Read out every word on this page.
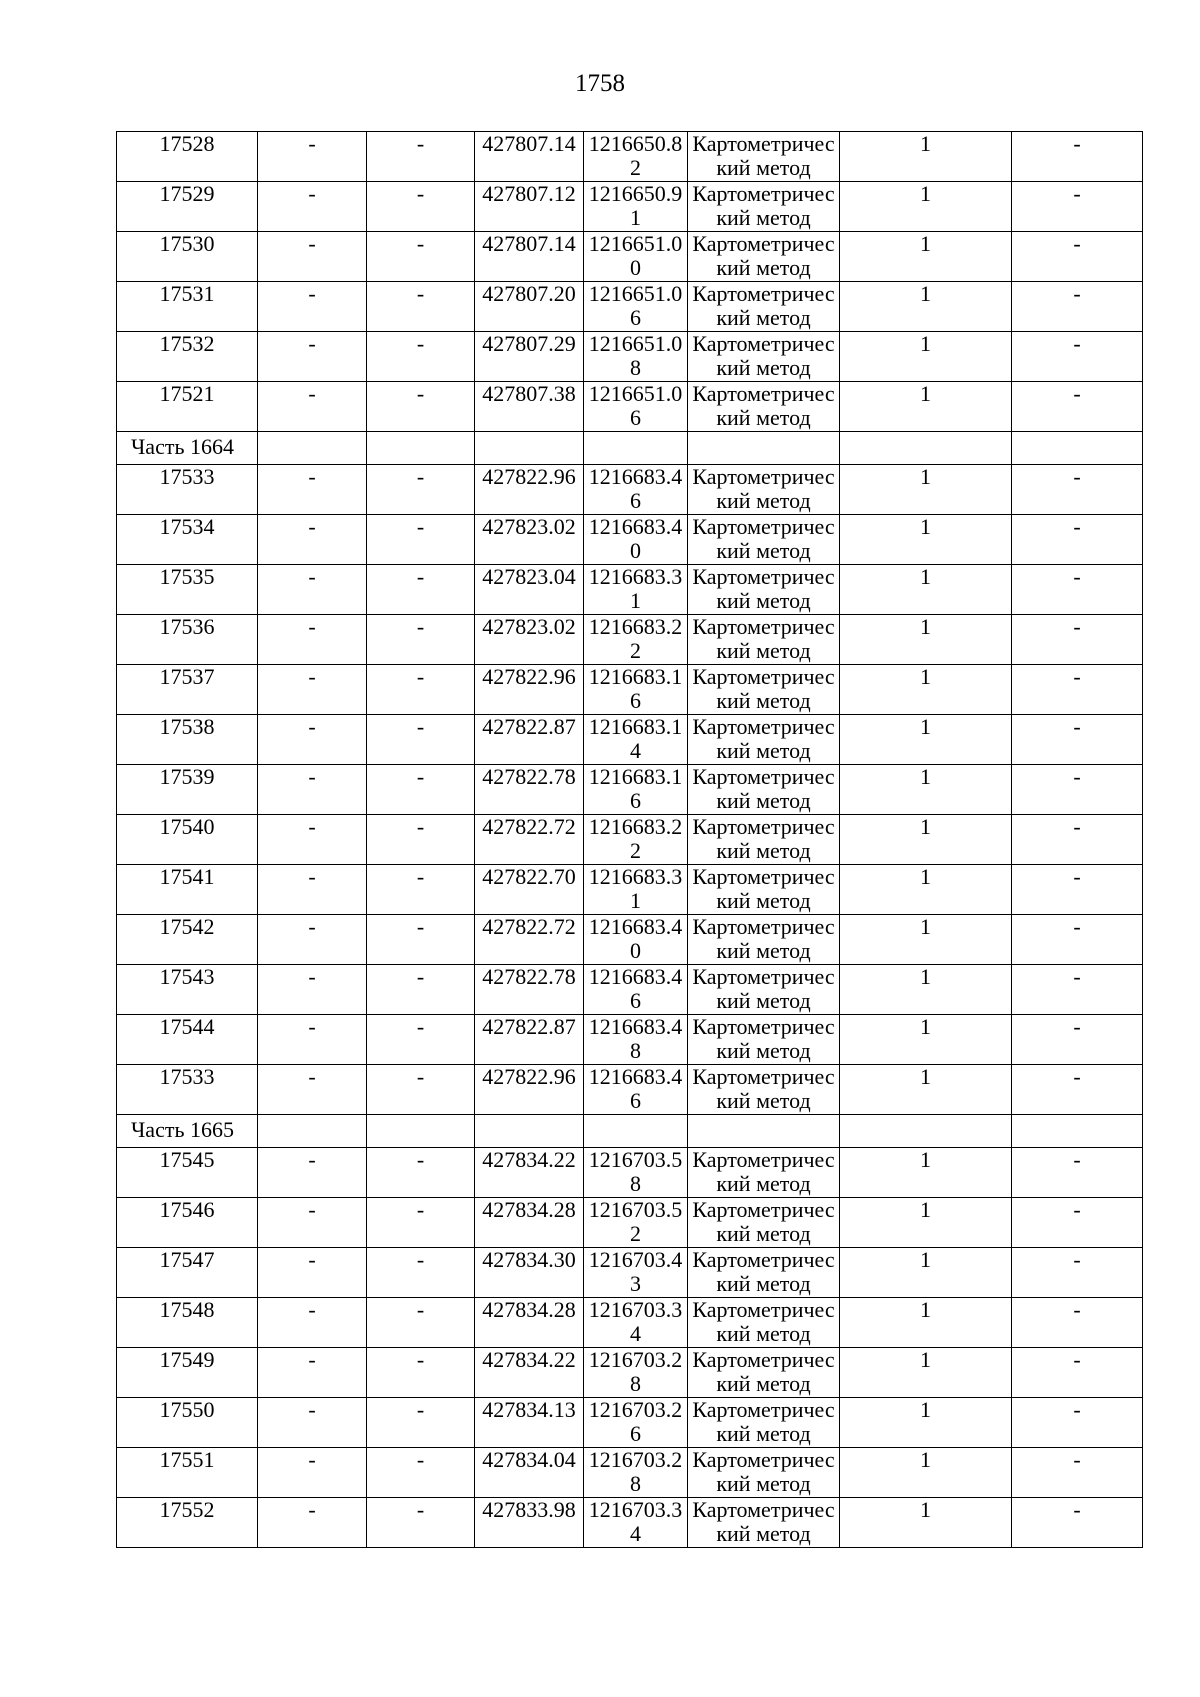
1758
17528	-	-	427807.14	1216650.82	Картометрический метод	1	-
17529	-	-	427807.12	1216650.91	Картометрический метод	1	-
17530	-	-	427807.14	1216651.00	Картометрический метод	1	-
17531	-	-	427807.20	1216651.06	Картометрический метод	1	-
17532	-	-	427807.29	1216651.08	Картометрический метод	1	-
17521	-	-	427807.38	1216651.06	Картометрический метод	1	-
Часть 1664							
17533	-	-	427822.96	1216683.46	Картометрический метод	1	-
17534	-	-	427823.02	1216683.40	Картометрический метод	1	-
17535	-	-	427823.04	1216683.31	Картометрический метод	1	-
17536	-	-	427823.02	1216683.22	Картометрический метод	1	-
17537	-	-	427822.96	1216683.16	Картометрический метод	1	-
17538	-	-	427822.87	1216683.14	Картометрический метод	1	-
17539	-	-	427822.78	1216683.16	Картометрический метод	1	-
17540	-	-	427822.72	1216683.22	Картометрический метод	1	-
17541	-	-	427822.70	1216683.31	Картометрический метод	1	-
17542	-	-	427822.72	1216683.40	Картометрический метод	1	-
17543	-	-	427822.78	1216683.46	Картометрический метод	1	-
17544	-	-	427822.87	1216683.48	Картометрический метод	1	-
17533	-	-	427822.96	1216683.46	Картометрический метод	1	-
Часть 1665							
17545	-	-	427834.22	1216703.58	Картометрический метод	1	-
17546	-	-	427834.28	1216703.52	Картометрический метод	1	-
17547	-	-	427834.30	1216703.43	Картометрический метод	1	-
17548	-	-	427834.28	1216703.34	Картометрический метод	1	-
17549	-	-	427834.22	1216703.28	Картометрический метод	1	-
17550	-	-	427834.13	1216703.26	Картометрический метод	1	-
17551	-	-	427834.04	1216703.28	Картометрический метод	1	-
17552	-	-	427833.98	1216703.34	Картометрический метод	1	-
